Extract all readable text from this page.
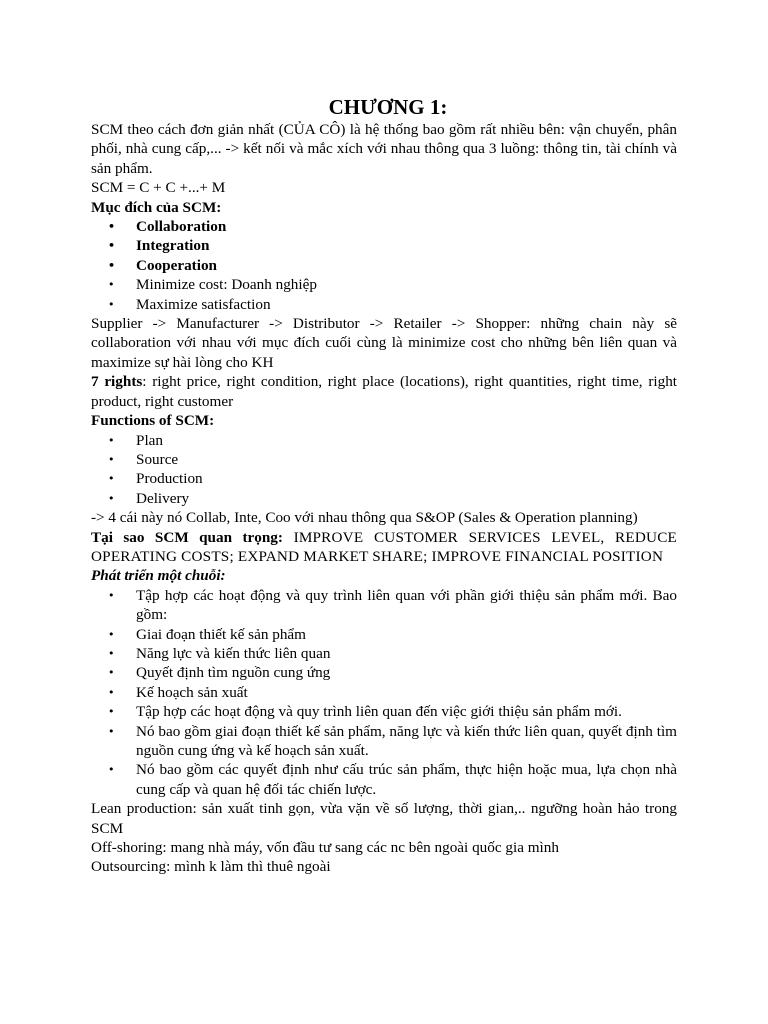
CHƯƠNG 1:

SCM theo cách đơn giản nhất (CỦA CÔ) là hệ thống bao gồm rất nhiều bên: vận chuyển, phân phối, nhà cung cấp,... -> kết nối và mắc xích với nhau thông qua 3 luồng: thông tin, tài chính và sản phẩm.

SCM = C + C +...+ M

Mục đích của SCM:

• Collaboration
• Integration
• Cooperation
• Minimize cost: Doanh nghiệp
• Maximize satisfaction

Supplier -> Manufacturer -> Distributor -> Retailer -> Shopper: những chain này sẽ collaboration với nhau với mục đích cuối cùng là minimize cost cho những bên liên quan và maximize sự hài lòng cho KH

7 rights: right price, right condition, right place (locations), right quantities, right time, right product, right customer

Functions of SCM:

• Plan
• Source
• Production
• Delivery

-> 4 cái này nó Collab, Inte, Coo với nhau thông qua S&OP (Sales & Operation planning)

Tại sao SCM quan trọng: IMPROVE CUSTOMER SERVICES LEVEL, REDUCE OPERATING COSTS; EXPAND MARKET SHARE; IMPROVE FINANCIAL POSITION

Phát triển một chuỗi:

• Tập hợp các hoạt động và quy trình liên quan với phần giới thiệu sản phẩm mới. Bao gồm:
• Giai đoạn thiết kế sản phẩm
• Năng lực và kiến thức liên quan
• Quyết định tìm nguồn cung ứng
• Kế hoạch sản xuất
• Tập hợp các hoạt động và quy trình liên quan đến việc giới thiệu sản phẩm mới.
• Nó bao gồm giai đoạn thiết kế sản phẩm, năng lực và kiến thức liên quan, quyết định tìm nguồn cung ứng và kế hoạch sản xuất.
• Nó bao gồm các quyết định như cấu trúc sản phẩm, thực hiện hoặc mua, lựa chọn nhà cung cấp và quan hệ đối tác chiến lược.

Lean production: sản xuất tinh gọn, vừa vặn về số lượng, thời gian,.. ngưỡng hoàn hảo trong SCM

Off-shoring: mang nhà máy, vốn đầu tư sang các nc bên ngoài quốc gia mình

Outsourcing: mình k làm thì thuê ngoài
